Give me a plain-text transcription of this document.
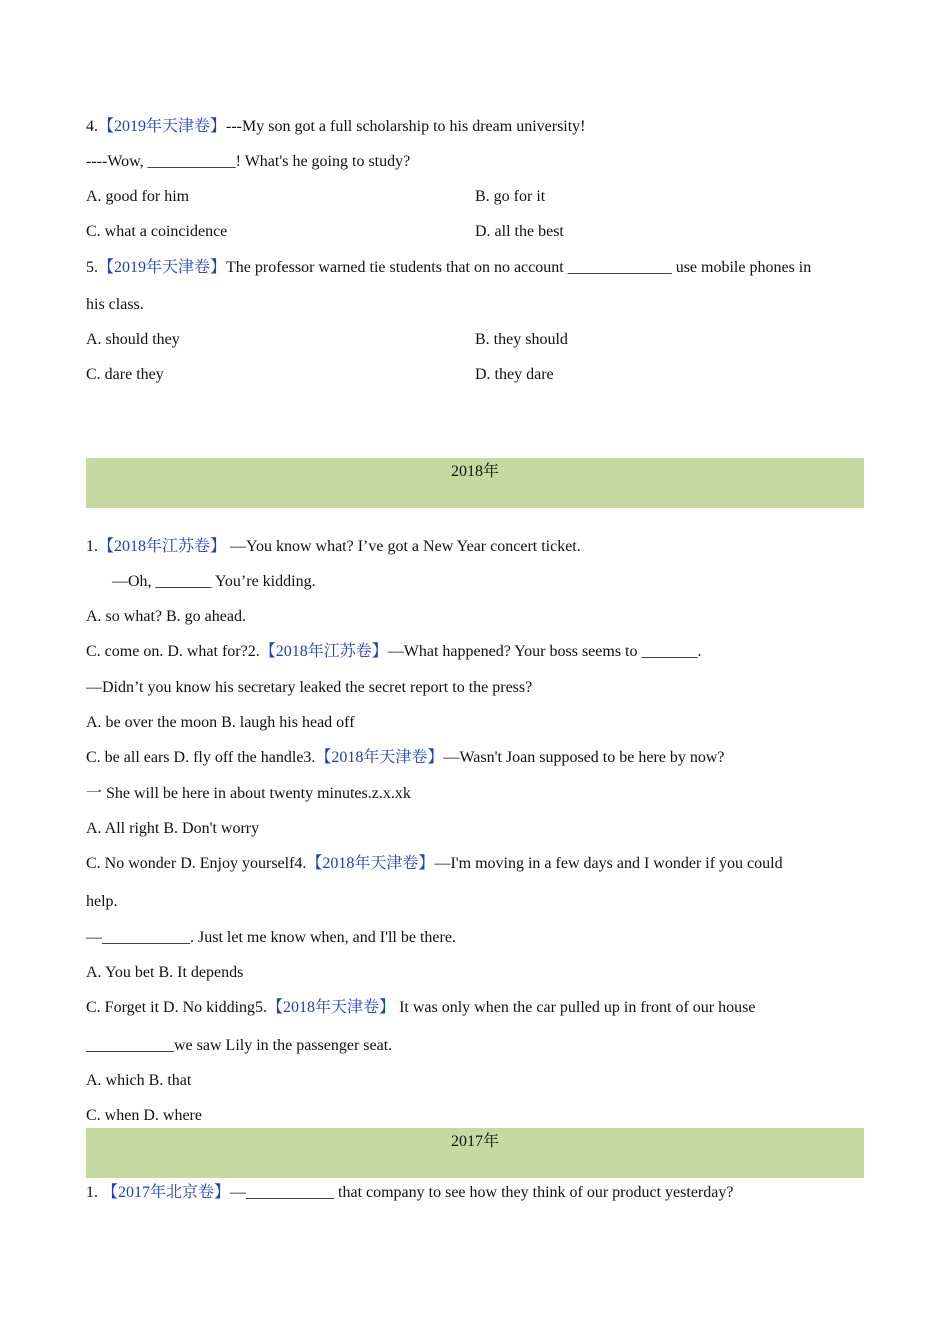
4.【2019年天津卷】---My son got a full scholarship to his dream university!
----Wow, ___________! What's he going to study?
A. good for him	B. go for it
C. what a coincidence	D. all the best
5.【2019年天津卷】The professor warned tie students that on no account _____________ use mobile phones in
his class.
A. should they	B. they should
C. dare they	D. they dare
2018年
1.【2018年江苏卷】 —You know what? I’ve got a New Year concert ticket.
—Oh, _______ You’re kidding.
A. so what? B. go ahead.
C. come on. D. what for?2.【2018年江苏卷】—What happened? Your boss seems to _______.
—Didn’t you know his secretary leaked the secret report to the press?
A. be over the moon B. laugh his head off
C. be all ears D. fly off the handle3.【2018年天津卷】—Wasn't Joan supposed to be here by now?
一 She will be here in about twenty minutes.z.x.xk
A. All right B. Don't worry
C. No wonder D. Enjoy yourself4.【2018年天津卷】—I'm moving in a few days and I wonder if you could
help.
—___________. Just let me know when, and I'll be there.
A. You bet B. It depends
C. Forget it D. No kidding5.【2018年天津卷】 It was only when the car pulled up in front of our house
___________we saw Lily in the passenger seat.
A. which B. that
C. when D. where
2017年
1. 【2017年北京卷】—___________ that company to see how they think of our product yesterday?
